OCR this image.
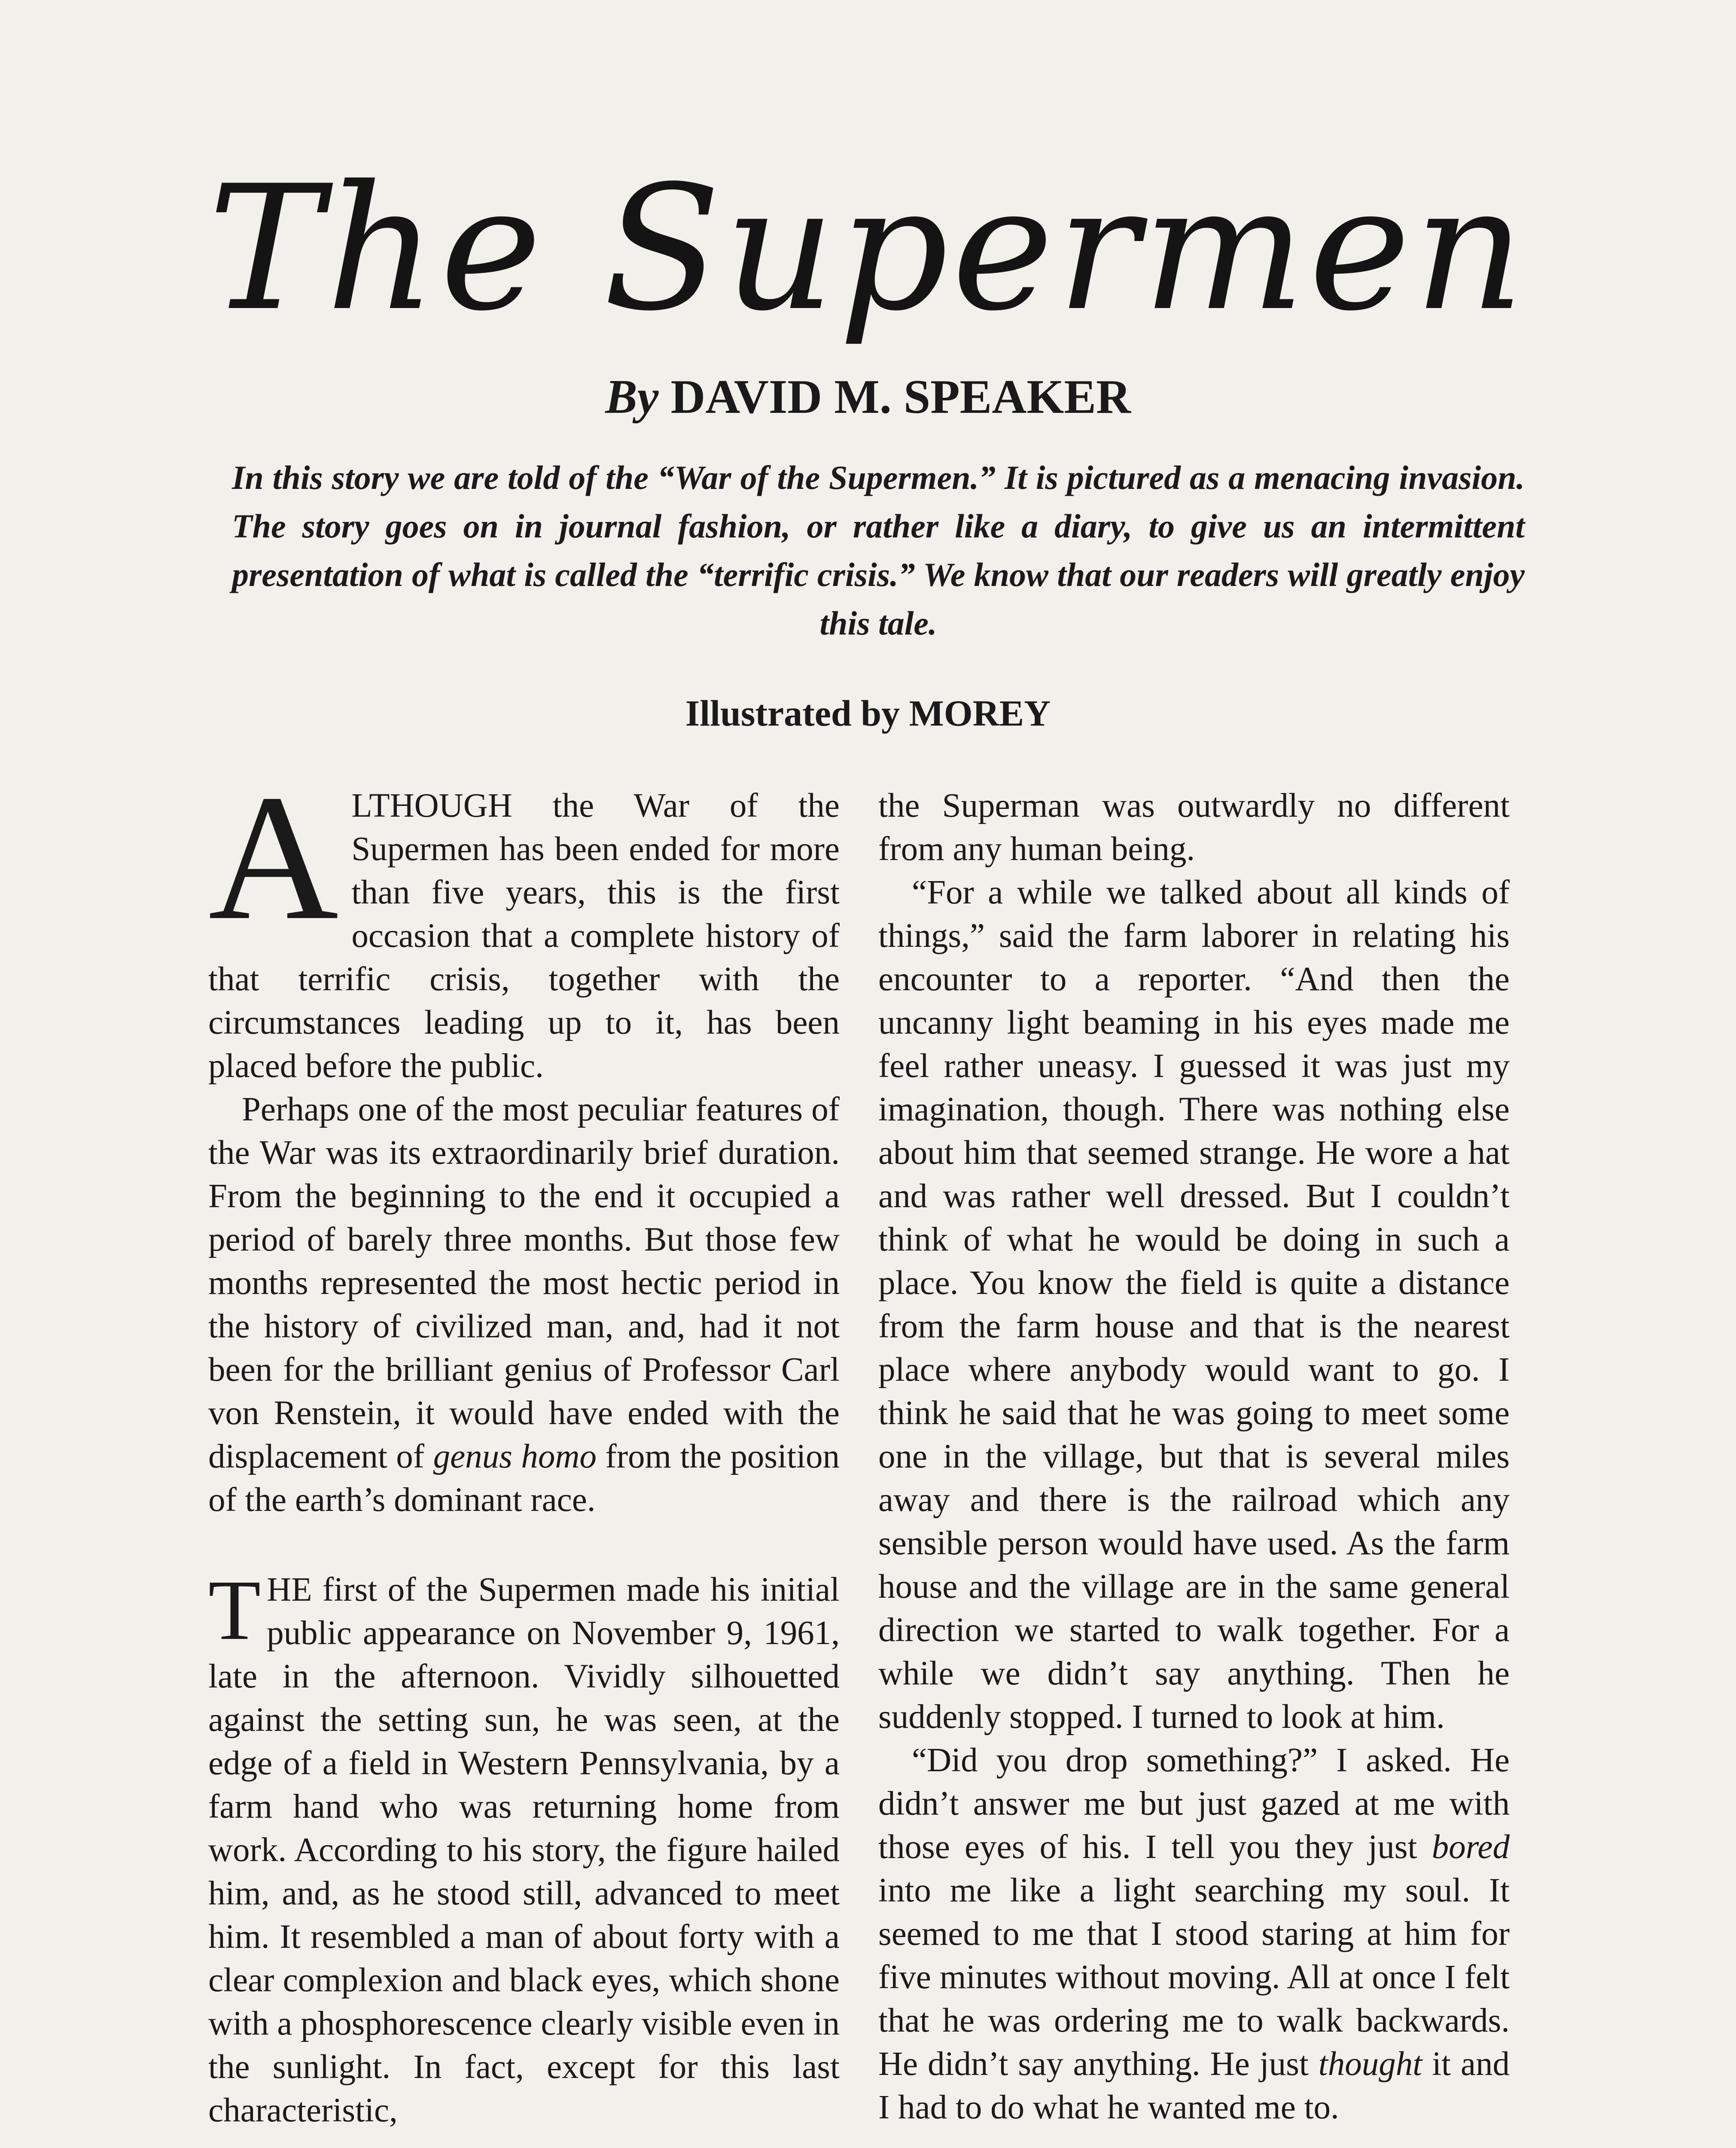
The Supermen
By DAVID M. SPEAKER
In this story we are told of the “War of the Supermen.” It is pictured as a menacing invasion. The story goes on in journal fashion, or rather like a diary, to give us an intermittent presentation of what is called the “terrific crisis.” We know that our readers will greatly enjoy this tale.
Illustrated by MOREY

ALTHOUGH the War of the Supermen has been ended for more than five years, this is the first occasion that a complete history of that terrific crisis, together with the circumstances leading up to it, has been placed before the public.

Perhaps one of the most peculiar features of the War was its extraordinarily brief duration. From the beginning to the end it occupied a period of barely three months. But those few months represented the most hectic period in the history of civilized man, and, had it not been for the brilliant genius of Professor Carl von Renstein, it would have ended with the displacement of genus homo from the position of the earth’s dominant race.

THE first of the Supermen made his initial public appearance on November 9, 1961, late in the afternoon. Vividly silhouetted against the setting sun, he was seen, at the edge of a field in Western Pennsylvania, by a farm hand who was returning home from work. According to his story, the figure hailed him, and, as he stood still, advanced to meet him. It resembled a man of about forty with a clear complexion and black eyes, which shone with a phosphorescence clearly visible even in the sunlight. In fact, except for this last characteristic,

the Superman was outwardly no different from any human being.

“For a while we talked about all kinds of things,” said the farm laborer in relating his encounter to a reporter. “And then the uncanny light beaming in his eyes made me feel rather uneasy. I guessed it was just my imagination, though. There was nothing else about him that seemed strange. He wore a hat and was rather well dressed. But I couldn’t think of what he would be doing in such a place. You know the field is quite a distance from the farm house and that is the nearest place where anybody would want to go. I think he said that he was going to meet some one in the village, but that is several miles away and there is the railroad which any sensible person would have used. As the farm house and the village are in the same general direction we started to walk together. For a while we didn’t say anything. Then he suddenly stopped. I turned to look at him.

“Did you drop something?” I asked. He didn’t answer me but just gazed at me with those eyes of his. I tell you they just bored into me like a light searching my soul. It seemed to me that I stood staring at him for five minutes without moving. All at once I felt that he was ordering me to walk backwards. He didn’t say anything. He just thought it and I had to do what he wanted me to.
